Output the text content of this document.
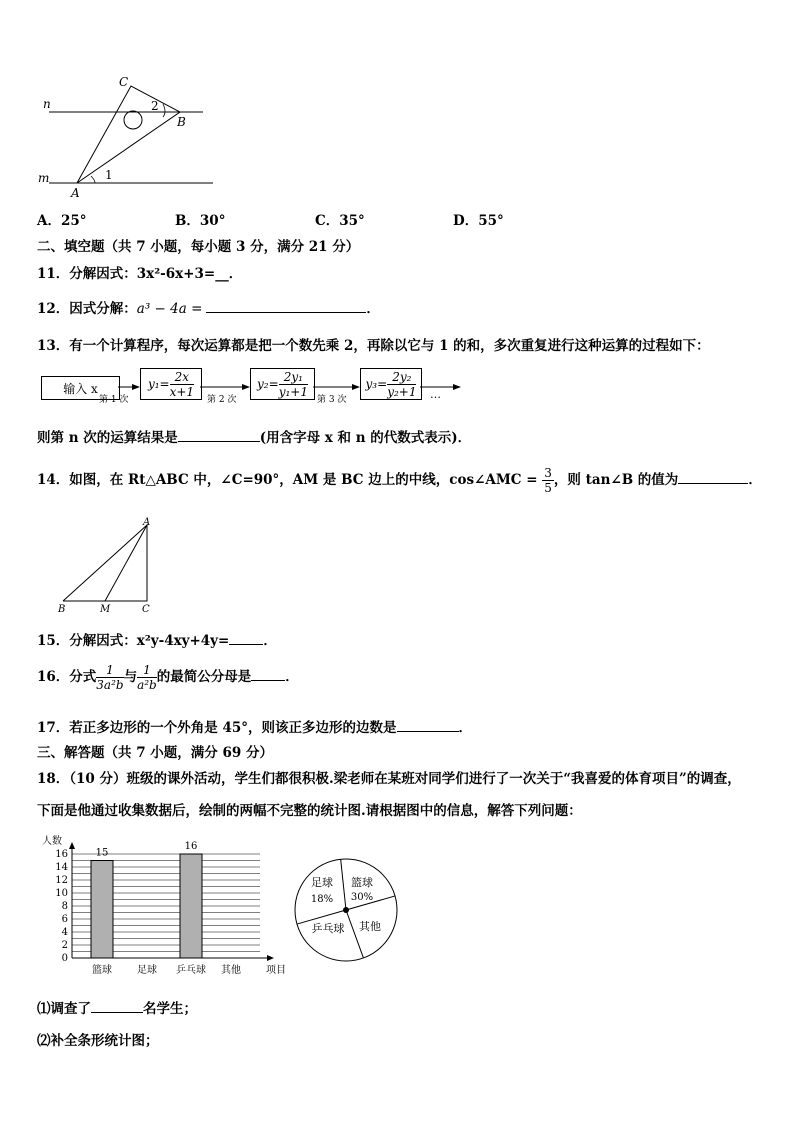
n
m
C
B
A
1
2
A．25°	B．30°	C．35°	D．55°
二、填空题（共 7 小题，每小题 3 分，满分 21 分）
11．分解因式：3x²-6x+3=__．
12．因式分解：a³ − 4a =	．
13．有一个计算程序，每次运算都是把一个数先乘 2，再除以它与 1 的和，多次重复进行这种运算的过程如下：
输入 x	$y_1= \frac{2x}{x+1}$	$y_2= \frac{\text{2y₁}}{\text{y₁+1}}$	$y_3= \frac{\text{2y₂}}{\text{y₂+1}}$
第 1 次	第 2 次	第 3 次	…
则第 n 次的运算结果是	(用含字母 x 和 n 的代数式表示)．
14．如图，在 Rt△ABC 中，∠C=90°，AM 是 BC 边上的中线，cos∠AMC = $\frac{3}{5}$ ，则 tan∠B 的值为	．
A
B	M	C
15．分解因式：x²y-4xy+4y=	．
16．分式 $\frac{1}{\text{3a²b}}$ 与 $\frac{1}{\text{a²b}}$ 的最简公分母是	．
17．若正多边形的一个外角是 45°，则该正多边形的边数是	．
三、解答题（共 7 小题，满分 69 分）
18．（10 分）班级的课外活动，学生们都很积极.梁老师在某班对同学们进行了一次关于“我喜爱的体育项目”的调查，
下面是他通过收集数据后，绘制的两幅不完整的统计图.请根据图中的信息，解答下列问题：
0
2
4
6
8
10
12
14
16
人数
项目
篮球
15
足球 乒乓球
16
其他
足球
18%
篮球
30%
其他
乒乓球
⑴调查了	名学生；
⑵补全条形统计图；
